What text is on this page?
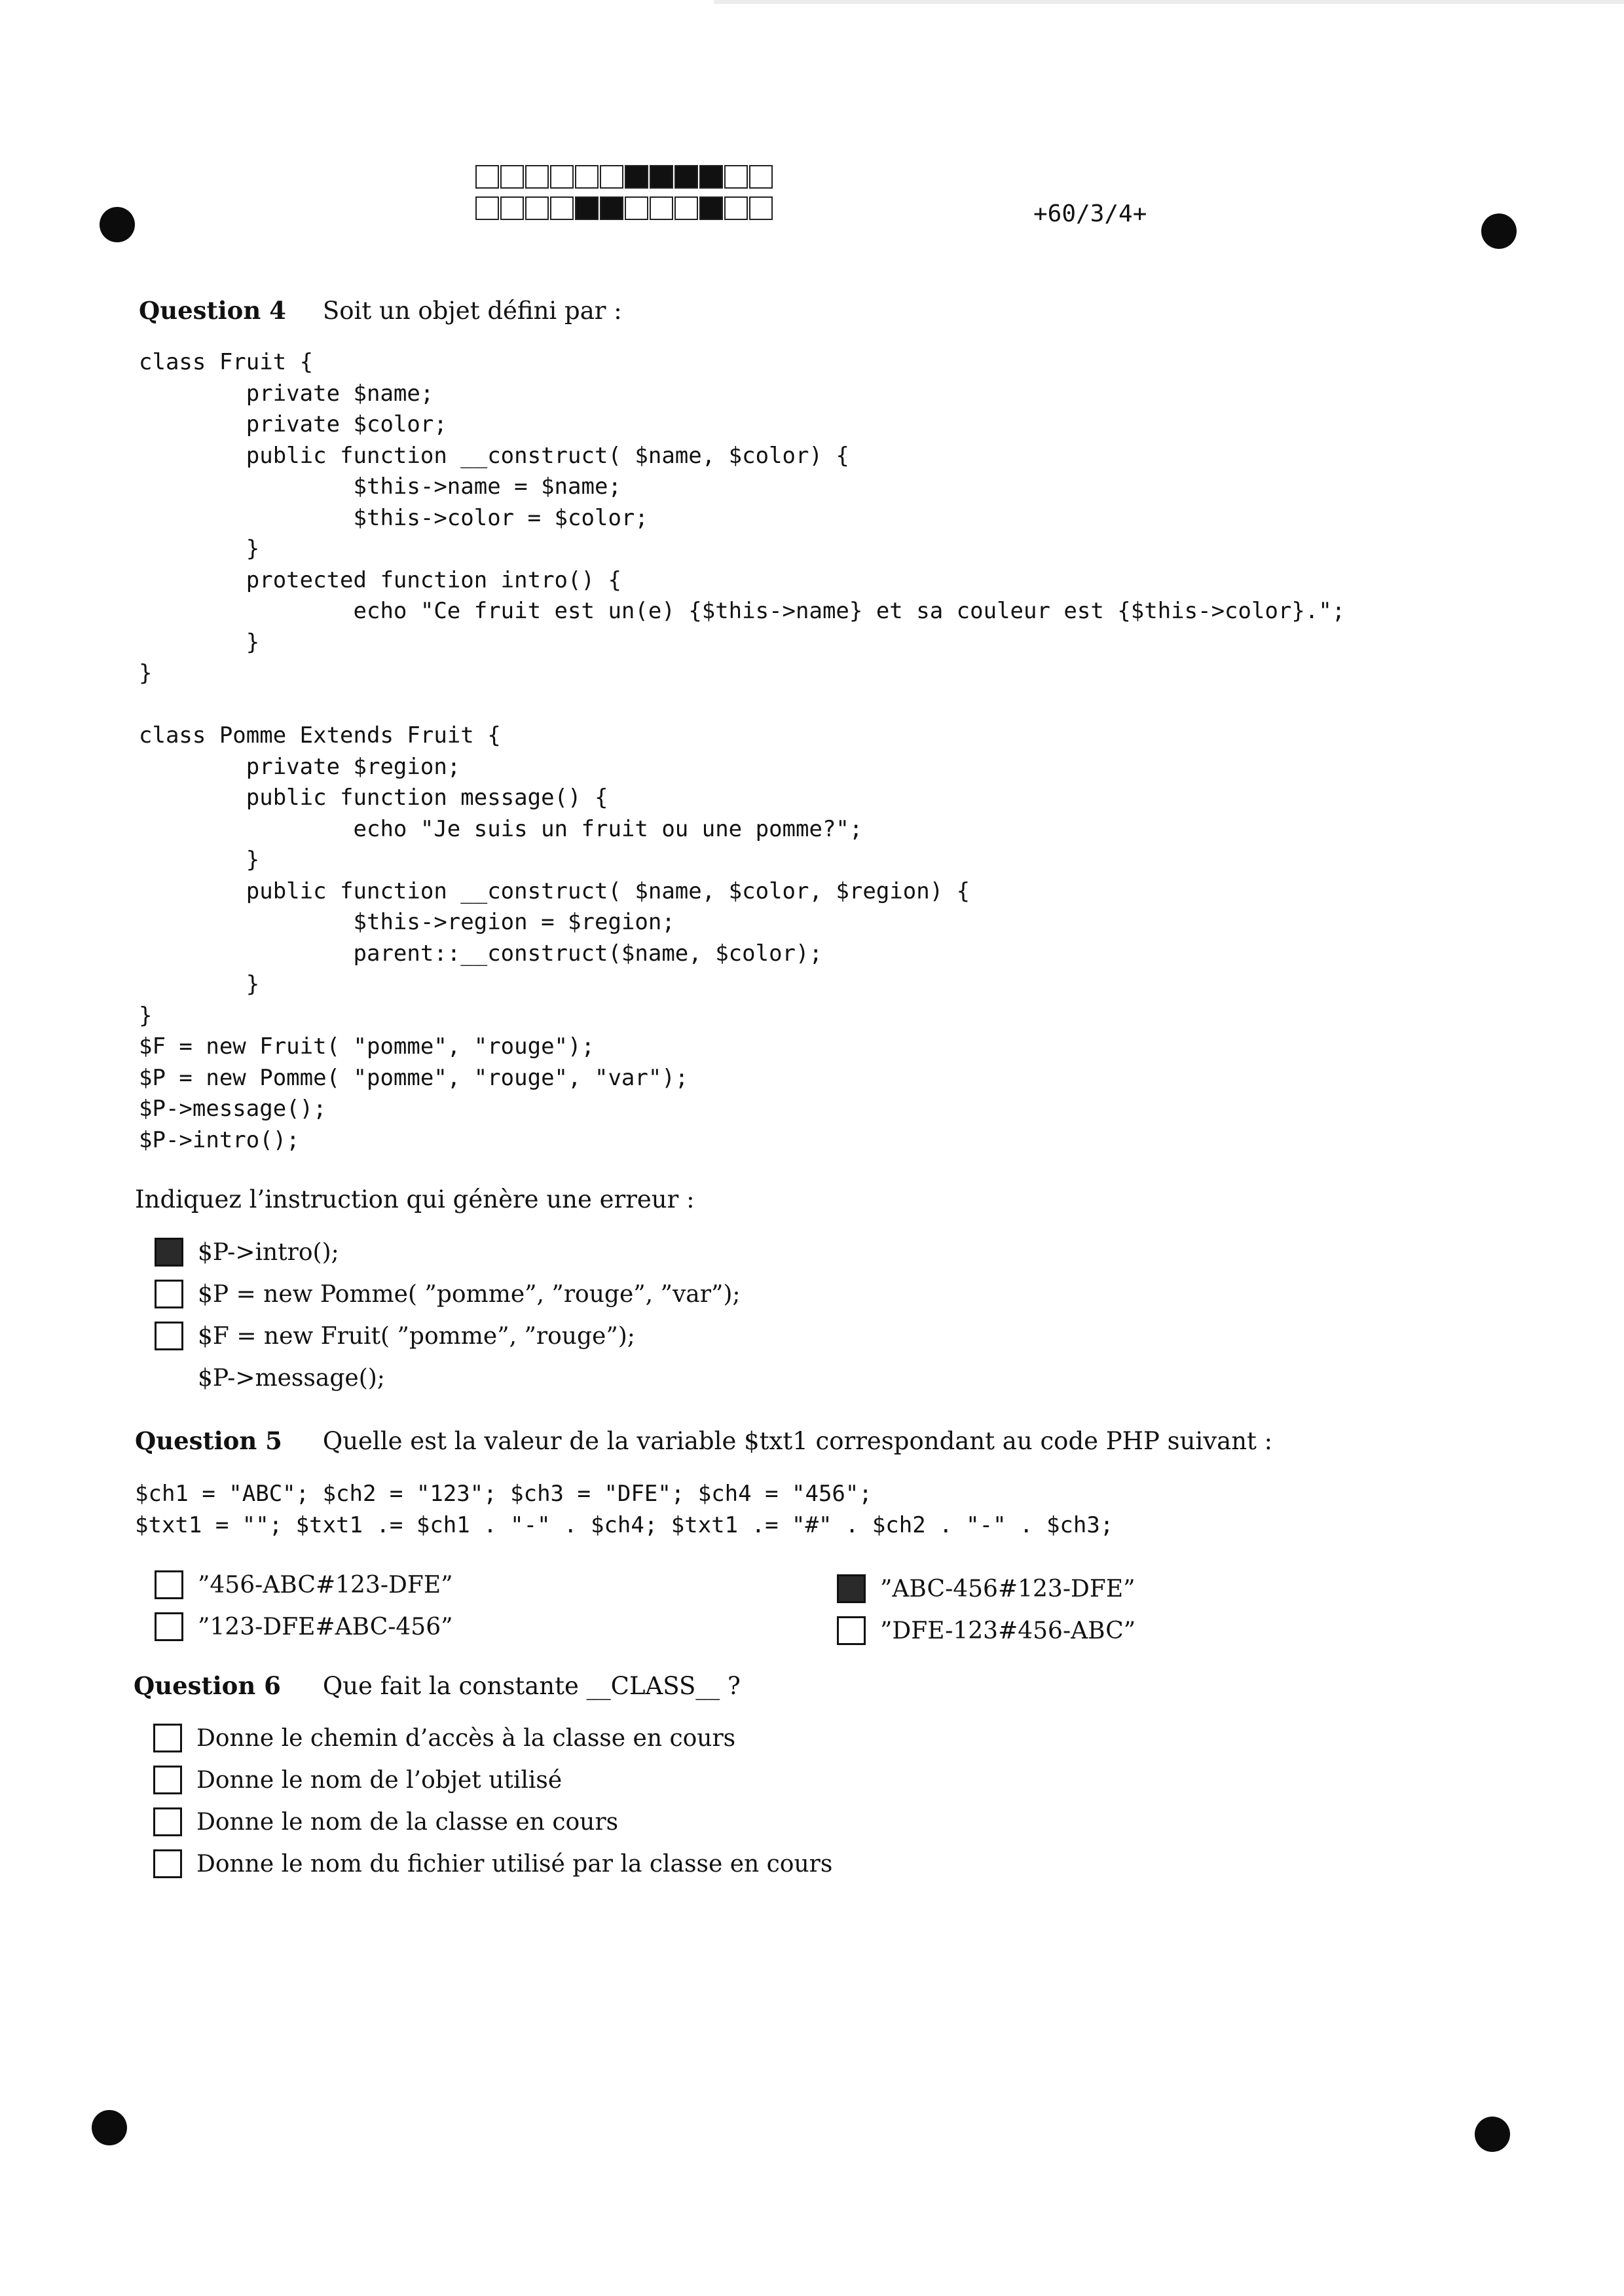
+60/3/4+
Question 4 Soit un objet défini par :
class Fruit {
private $name;
private $color;
public function __construct( $name, $color) {
$this->name = $name;
$this->color = $color;
}
protected function intro() {
echo "Ce fruit est un(e) {$this->name} et sa couleur est {$this->color}.";
}
}

class Pomme Extends Fruit {
private $region;
public function message() {
echo "Je suis un fruit ou une pomme?";
}
public function __construct( $name, $color, $region) {
$this->region = $region;
parent::__construct($name, $color);
}
}
$F = new Fruit( "pomme", "rouge");
$P = new Pomme( "pomme", "rouge", "var");
$P->message();
$P->intro();
Indiquez l’instruction qui génère une erreur :
$P->intro();
$P = new Pomme( ”pomme”, ”rouge”, ”var”);
$F = new Fruit( ”pomme”, ”rouge”);
$P->message();
Question 5 Quelle est la valeur de la variable $txt1 correspondant au code PHP suivant :
$ch1 = "ABC"; $ch2 = "123"; $ch3 = "DFE"; $ch4 = "456";
$txt1 = ""; $txt1 .= $ch1 . "-" . $ch4; $txt1 .= "#" . $ch2 . "-" . $ch3;
”456-ABC#123-DFE”
”123-DFE#ABC-456”
”ABC-456#123-DFE”
”DFE-123#456-ABC”
Question 6 Que fait la constante __CLASS__ ?
Donne le chemin d’accès à la classe en cours
Donne le nom de l’objet utilisé
Donne le nom de la classe en cours
Donne le nom du fichier utilisé par la classe en cours
